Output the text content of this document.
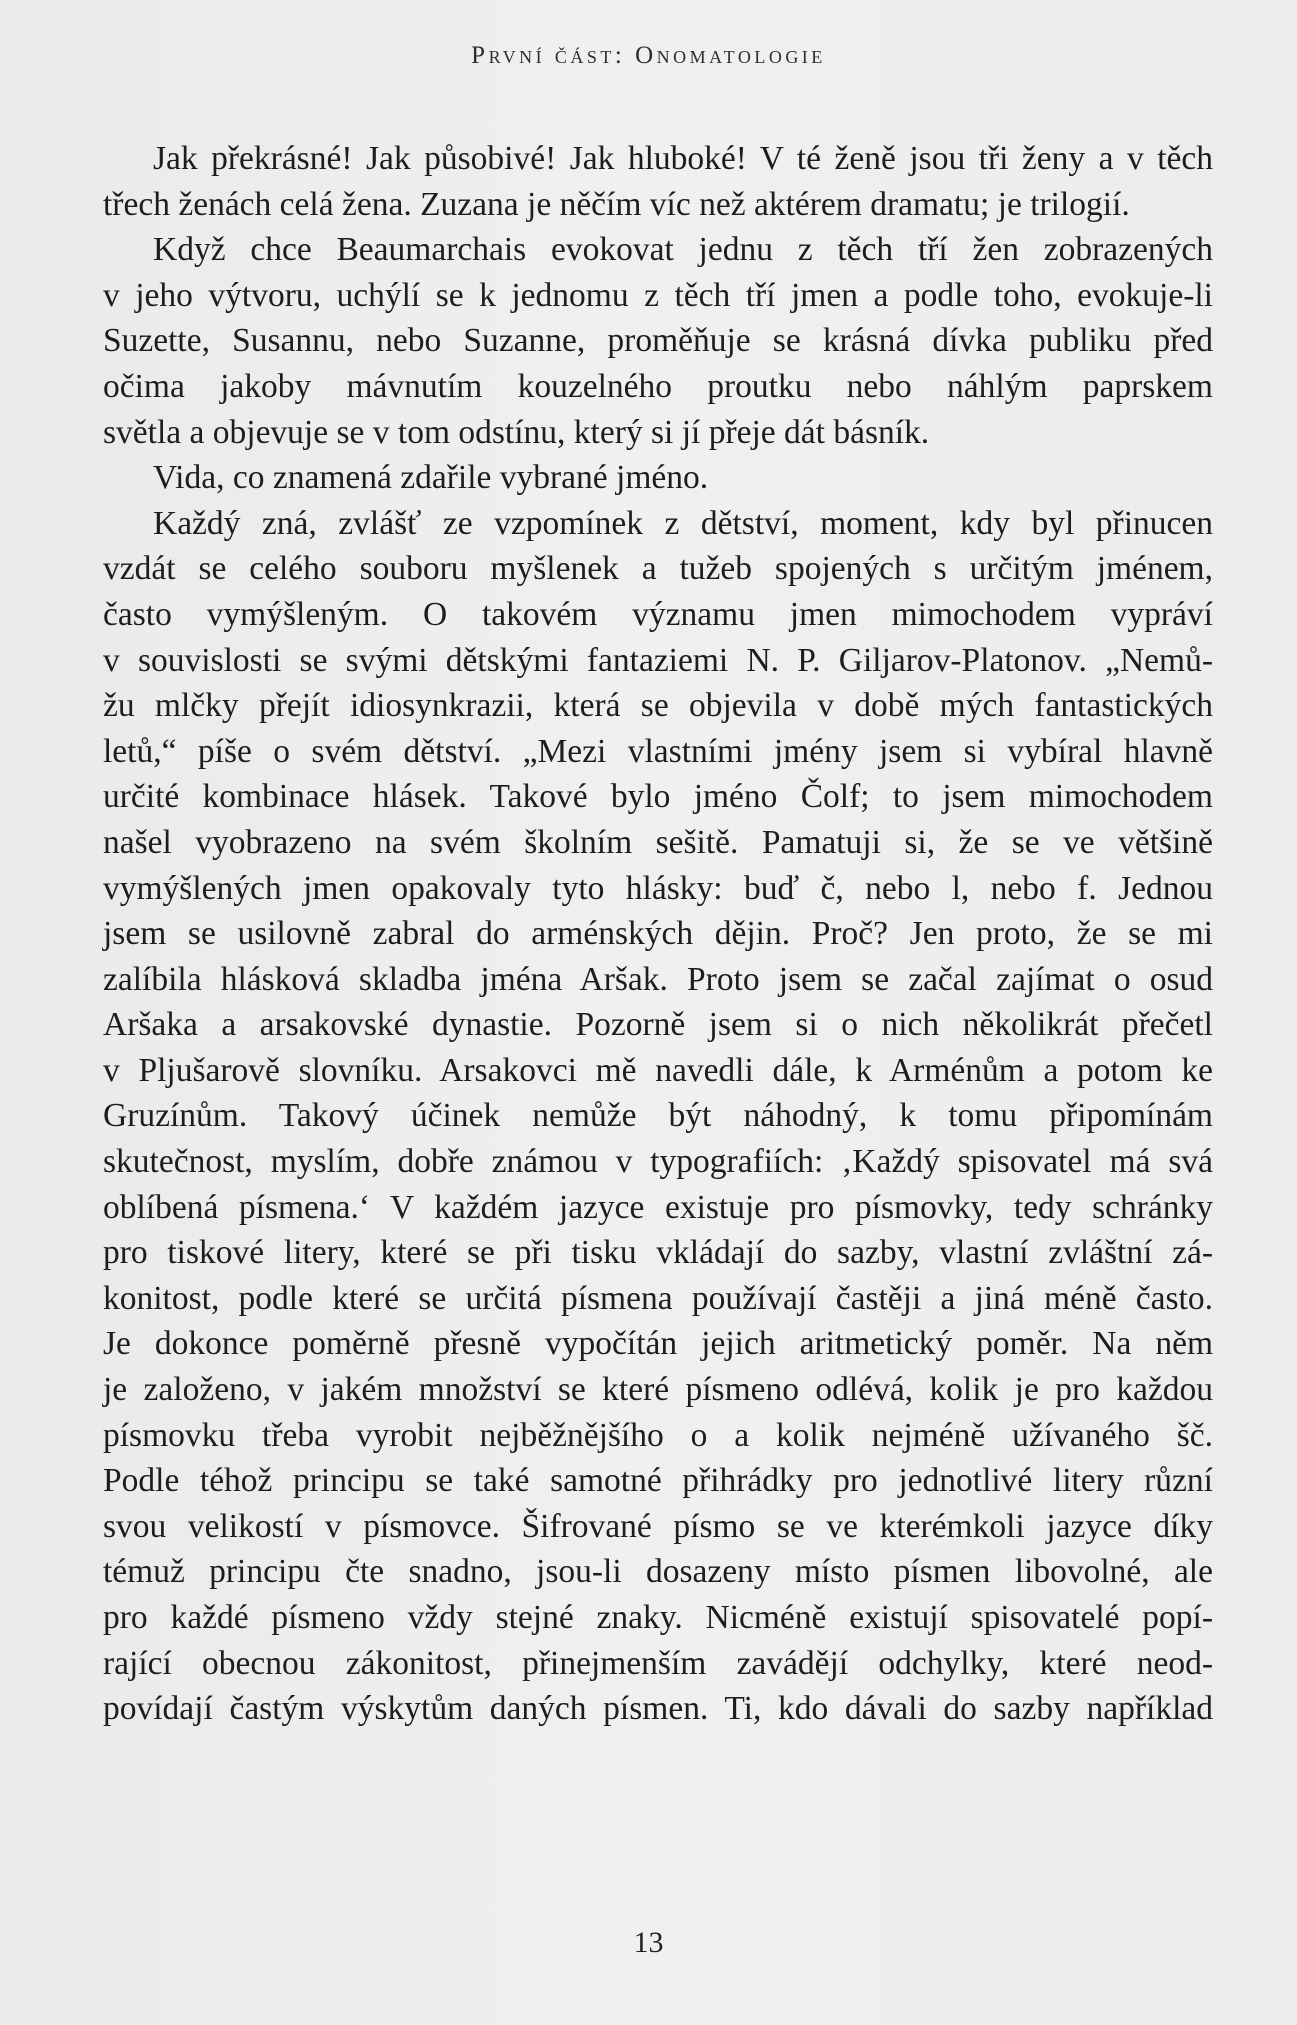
První část: Onomatologie
Jak překrásné! Jak působivé! Jak hluboké! V té ženě jsou tři ženy a v těch
třech ženách celá žena. Zuzana je něčím víc než aktérem dramatu; je trilogií.
Když chce Beaumarchais evokovat jednu z těch tří žen zobrazených
v jeho výtvoru, uchýlí se k jednomu z těch tří jmen a podle toho, evokuje-li
Suzette, Susannu, nebo Suzanne, proměňuje se krásná dívka publiku před
očima jakoby mávnutím kouzelného proutku nebo náhlým paprskem
světla a objevuje se v tom odstínu, který si jí přeje dát básník.
Vida, co znamená zdařile vybrané jméno.
Každý zná, zvlášť ze vzpomínek z dětství, moment, kdy byl přinucen
vzdát se celého souboru myšlenek a tužeb spojených s určitým jménem,
často vymýšleným. O takovém významu jmen mimochodem vypráví
v souvislosti se svými dětskými fantaziemi N. P. Giljarov-Platonov. „Nemů-
žu mlčky přejít idiosynkrazii, která se objevila v době mých fantastických
letů,“ píše o svém dětství. „Mezi vlastními jmény jsem si vybíral hlavně
určité kombinace hlásek. Takové bylo jméno Čolf; to jsem mimochodem
našel vyobrazeno na svém školním sešitě. Pamatuji si, že se ve většině
vymýšlených jmen opakovaly tyto hlásky: buď č, nebo l, nebo f. Jednou
jsem se usilovně zabral do arménských dějin. Proč? Jen proto, že se mi
zalíbila hlásková skladba jména Aršak. Proto jsem se začal zajímat o osud
Aršaka a arsakovské dynastie. Pozorně jsem si o nich několikrát přečetl
v Pljušarově slovníku. Arsakovci mě navedli dále, k Arménům a potom ke
Gruzínům. Takový účinek nemůže být náhodný, k tomu připomínám
skutečnost, myslím, dobře známou v typografiích: ‚Každý spisovatel má svá
oblíbená písmena.‘ V každém jazyce existuje pro písmovky, tedy schránky
pro tiskové litery, které se při tisku vkládají do sazby, vlastní zvláštní zá-
konitost, podle které se určitá písmena používají častěji a jiná méně často.
Je dokonce poměrně přesně vypočítán jejich aritmetický poměr. Na něm
je založeno, v jakém množství se které písmeno odlévá, kolik je pro každou
písmovku třeba vyrobit nejběžnějšího o a kolik nejméně užívaného šč.
Podle téhož principu se také samotné přihrádky pro jednotlivé litery různí
svou velikostí v písmovce. Šifrované písmo se ve kterémkoli jazyce díky
témuž principu čte snadno, jsou-li dosazeny místo písmen libovolné, ale
pro každé písmeno vždy stejné znaky. Nicméně existují spisovatelé popí-
rající obecnou zákonitost, přinejmenším zavádějí odchylky, které neod-
povídají častým výskytům daných písmen. Ti, kdo dávali do sazby například
13
